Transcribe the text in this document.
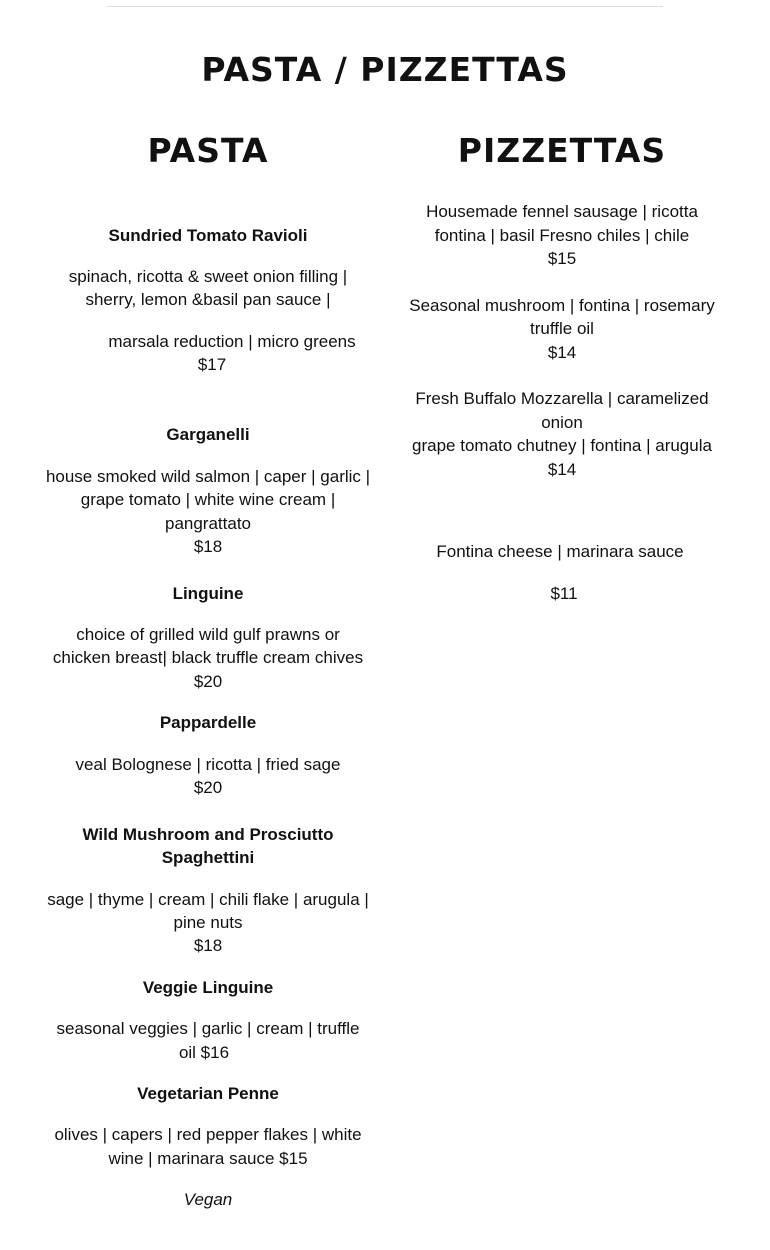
PASTA / PIZZETTAS
PASTA	PIZZETTAS
Sundried Tomato Ravioli
spinach, ricotta & sweet onion filling |
sherry, lemon &basil pan sauce |
marsala reduction | micro greens
$17
Garganelli
house smoked wild salmon | caper | garlic |
grape tomato | white wine cream |
pangrattato
$18
Linguine
choice of grilled wild gulf prawns or
chicken breast| black truffle cream chives
$20
Pappardelle
veal Bolognese | ricotta | fried sage
$20
Wild Mushroom and Prosciutto
Spaghettini
sage | thyme | cream | chili flake | arugula |
pine nuts
$18
Veggie Linguine
seasonal veggies | garlic | cream | truffle
oil $16
Vegetarian Penne
olives | capers | red pepper flakes | white
wine | marinara sauce $15
Vegan
Housemade fennel sausage | ricotta
fontina | basil Fresno chiles | chile
$15
Seasonal mushroom | fontina | rosemary
truffle oil
$14
Fresh Buffalo Mozzarella | caramelized
onion
grape tomato chutney | fontina | arugula
$14
Fontina cheese | marinara sauce
$11
